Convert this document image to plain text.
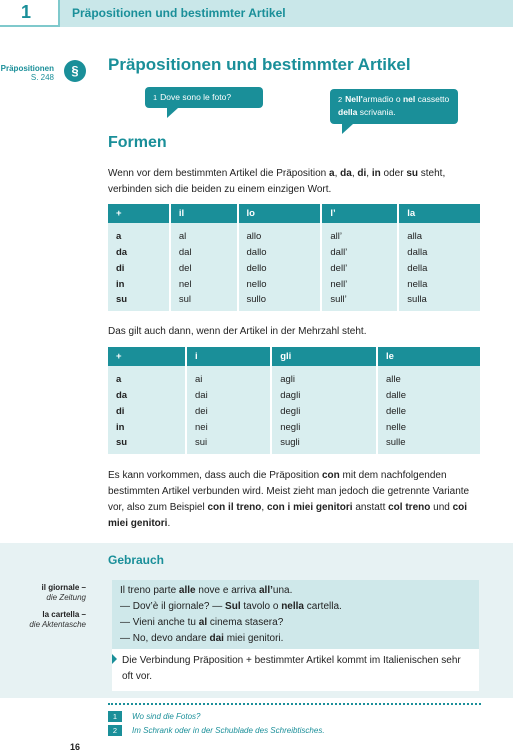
1	Präpositionen und bestimmter Artikel
Präpositionen
S. 248	§	Präpositionen und bestimmter Artikel
1 Dove sono le foto?	2 Nell'armadio o nel cassetto della scrivania.
Formen

Wenn vor dem bestimmten Artikel die Präposition a, da, di, in oder su steht, verbinden sich die beiden zu einem einzigen Wort.

+	il	lo	l’	la
a	al	allo	all’	alla
da	dal	dallo	dall’	dalla
di	del	dello	dell’	della
in	nel	nello	nell’	nella
su	sul	sullo	sull’	sulla

Das gilt auch dann, wenn der Artikel in der Mehrzahl steht.

+	i	gli	le
a	ai	agli	alle
da	dai	dagli	dalle
di	dei	degli	delle
in	nei	negli	nelle
su	sui	sugli	sulle

Es kann vorkommen, dass auch die Präposition con mit dem nachfolgenden bestimmten Artikel verbunden wird. Meist zieht man jedoch die getrennte Variante vor, also zum Beispiel con il treno, con i miei genitori anstatt col treno und coi miei genitori.

Gebrauch
il giornale –
die Zeitung
la cartella –
die Aktentasche
Il treno parte alle nove e arriva all’una.
— Dov’è il giornale? — Sul tavolo o nella cartella.
— Vieni anche tu al cinema stasera?
— No, devo andare dai miei genitori.

Die Verbindung Präposition + bestimmter Artikel kommt im Italienischen sehr oft vor.

1 Wo sind die Fotos?
2 Im Schrank oder in der Schublade des Schreibtisches.
16
